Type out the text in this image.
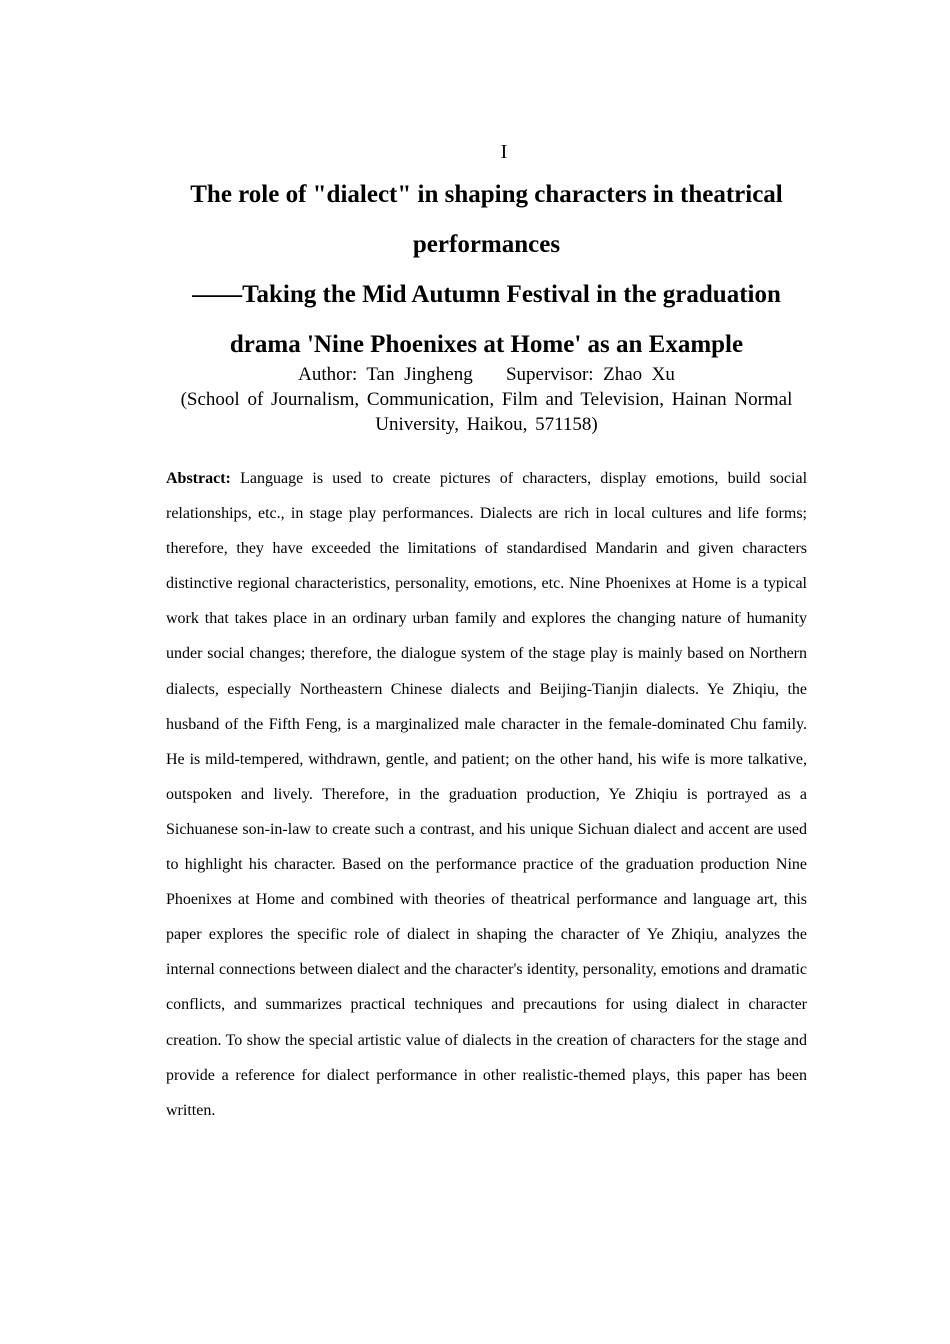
I
The role of "dialect" in shaping characters in theatrical
performances
——Taking the Mid Autumn Festival in the graduation
drama 'Nine Phoenixes at Home' as an Example
Author:  Tan  Jingheng Supervisor:  Zhao  Xu
(School of Journalism, Communication, Film and Television, Hainan Normal University, Haikou, 571158)
Abstract: Language is used to create pictures of characters, display emotions, build social relationships, etc., in stage play performances. Dialects are rich in local cultures and life forms; therefore, they have exceeded the limitations of standardised Mandarin and given characters distinctive regional characteristics, personality, emotions, etc. Nine Phoenixes at Home is a typical work that takes place in an ordinary urban family and explores the changing nature of humanity under social changes; therefore, the dialogue system of the stage play is mainly based on Northern dialects, especially Northeastern Chinese dialects and Beijing-Tianjin dialects. Ye Zhiqiu, the husband of the Fifth Feng, is a marginalized male character in the female-dominated Chu family. He is mild-tempered, withdrawn, gentle, and patient; on the other hand, his wife is more talkative, outspoken and lively. Therefore, in the graduation production, Ye Zhiqiu is portrayed as a Sichuanese son-in-law to create such a contrast, and his unique Sichuan dialect and accent are used to highlight his character. Based on the performance practice of the graduation production Nine Phoenixes at Home and combined with theories of theatrical performance and language art, this paper explores the specific role of dialect in shaping the character of Ye Zhiqiu, analyzes the internal connections between dialect and the character's identity, personality, emotions and dramatic conflicts, and summarizes practical techniques and precautions for using dialect in character creation. To show the special artistic value of dialects in the creation of characters for the stage and provide a reference for dialect performance in other realistic-themed plays, this paper has been written.
